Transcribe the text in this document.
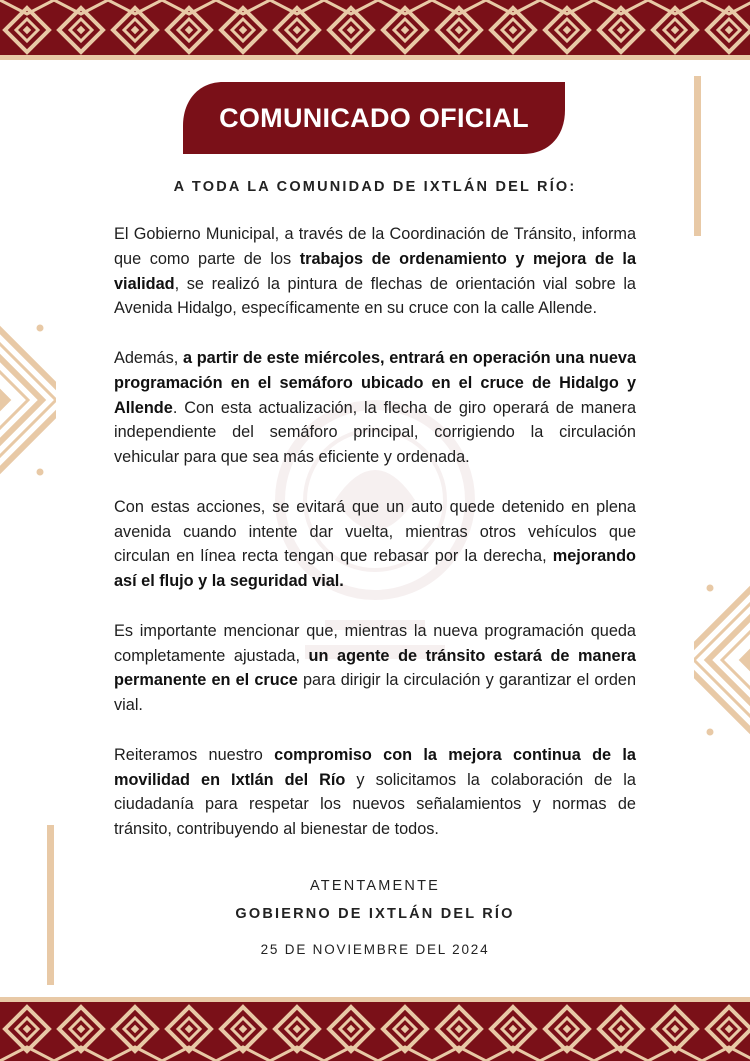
COMUNICADO OFICIAL
A TODA LA COMUNIDAD DE IXTLÁN DEL RÍO:

El Gobierno Municipal, a través de la Coordinación de Tránsito, informa que como parte de los trabajos de ordenamiento y mejora de la vialidad, se realizó la pintura de flechas de orientación vial sobre la Avenida Hidalgo, específicamente en su cruce con la calle Allende.

Además, a partir de este miércoles, entrará en operación una nueva programación en el semáforo ubicado en el cruce de Hidalgo y Allende. Con esta actualización, la flecha de giro operará de manera independiente del semáforo principal, corrigiendo la circulación vehicular para que sea más eficiente y ordenada.

Con estas acciones, se evitará que un auto quede detenido en plena avenida cuando intente dar vuelta, mientras otros vehículos que circulan en línea recta tengan que rebasar por la derecha, mejorando así el flujo y la seguridad vial.

Es importante mencionar que, mientras la nueva programación queda completamente ajustada, un agente de tránsito estará de manera permanente en el cruce para dirigir la circulación y garantizar el orden vial.

Reiteramos nuestro compromiso con la mejora continua de la movilidad en Ixtlán del Río y solicitamos la colaboración de la ciudadanía para respetar los nuevos señalamientos y normas de tránsito, contribuyendo al bienestar de todos.

ATENTAMENTE
GOBIERNO DE IXTLÁN DEL RÍO
25 DE NOVIEMBRE DEL 2024
